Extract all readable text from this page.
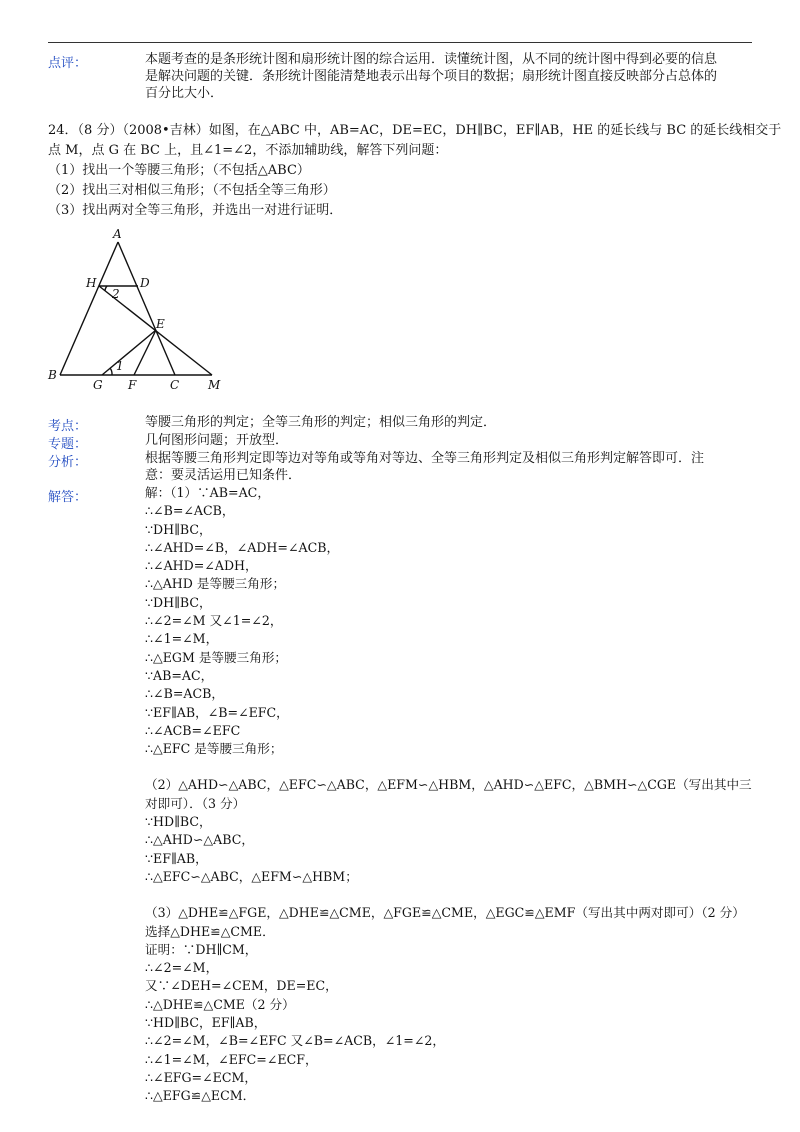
点评：	本题考查的是条形统计图和扇形统计图的综合运用．读懂统计图，从不同的统计图中得到必要的信息
是解决问题的关键．条形统计图能清楚地表示出每个项目的数据；扇形统计图直接反映部分占总体的
百分比大小．
24．（8 分）（2008•吉林）如图，在△ABC 中，AB=AC，DE=EC，DH∥BC，EF∥AB，HE 的延长线与 BC 的延长线相交于
点 M，点 G 在 BC 上，且∠1=∠2，不添加辅助线，解答下列问题：
（1）找出一个等腰三角形；（不包括△ABC）
（2）找出三对相似三角形；（不包括全等三角形）
（3）找出两对全等三角形，并选出一对进行证明．
A
H	D
2
E
1
B
G F	C M
考点：	等腰三角形的判定；全等三角形的判定；相似三角形的判定．
专题：	几何图形问题；开放型．
分析：	根据等腰三角形判定即等边对等角或等角对等边、全等三角形判定及相似三角形判定解答即可．注
意：要灵活运用已知条件．
解答：	解：（1）∵AB=AC，
∴∠B=∠ACB，
∵DH∥BC，
∴∠AHD=∠B，∠ADH=∠ACB，
∴∠AHD=∠ADH，
∴△AHD 是等腰三角形；
∵DH∥BC，
∴∠2=∠M 又∠1=∠2，
∴∠1=∠M，
∴△EGM 是等腰三角形；
∵AB=AC，
∴∠B=ACB，
∵EF∥AB，∠B=∠EFC，
∴∠ACB=∠EFC
∴△EFC 是等腰三角形；
（2）△AHD∽△ABC，△EFC∽△ABC，△EFM∽△HBM，△AHD∽△EFC，△BMH∽△CGE（写出其中三
对即可）．（3 分）
∵HD∥BC，
∴△AHD∽△ABC，
∵EF∥AB，
∴△EFC∽△ABC，△EFM∽△HBM；
（3）△DHE≌△FGE，△DHE≌△CME，△FGE≌△CME，△EGC≌△EMF（写出其中两对即可）（2 分）
选择△DHE≌△CME．
证明：∵DH∥CM，
∴∠2=∠M，
又∵∠DEH=∠CEM，DE=EC，
∴△DHE≌△CME（2 分）
∵HD∥BC，EF∥AB，
∴∠2=∠M，∠B=∠EFC 又∠B=∠ACB，∠1=∠2，
∴∠1=∠M，∠EFC=∠ECF，
∴∠EFG=∠ECM，
∴△EFG≌△ECM．
